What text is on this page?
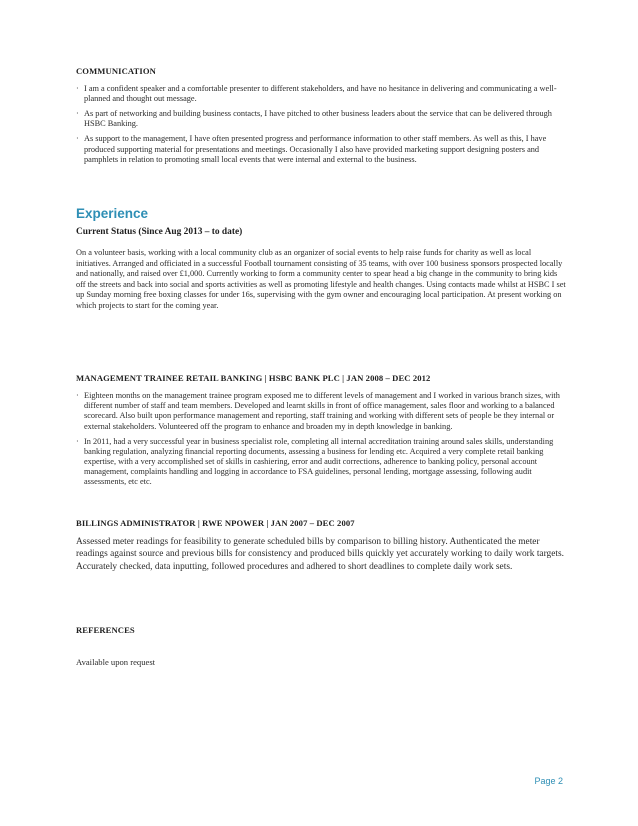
COMMUNICATION

· I am a confident speaker and a comfortable presenter to different stakeholders, and have no hesitance in delivering and communicating a well-planned and thought out message.
· As part of networking and building business contacts, I have pitched to other business leaders about the service that can be delivered through HSBC Banking.
· As support to the management, I have often presented progress and performance information to other staff members. As well as this, I have produced supporting material for presentations and meetings. Occasionally I also have provided marketing support designing posters and pamphlets in relation to promoting small local events that were internal and external to the business.

Experience

Current Status (Since Aug 2013 – to date)

On a volunteer basis, working with a local community club as an organizer of social events to help raise funds for charity as well as local initiatives. Arranged and officiated in a successful Football tournament consisting of 35 teams, with over 100 business sponsors prospected locally and nationally, and raised over £1,000. Currently working to form a community center to spear head a big change in the community to bring kids off the streets and back into social and sports activities as well as promoting lifestyle and health changes. Using contacts made whilst at HSBC I set up Sunday morning free boxing classes for under 16s, supervising with the gym owner and encouraging local participation. At present working on which projects to start for the coming year.

MANAGEMENT TRAINEE RETAIL BANKING | HSBC BANK PLC | JAN 2008 – DEC 2012

· Eighteen months on the management trainee program exposed me to different levels of management and I worked in various branch sizes, with different number of staff and team members. Developed and learnt skills in front of office management, sales floor and working to a balanced scorecard. Also built upon performance management and reporting, staff training and working with different sets of people be they internal or external stakeholders. Volunteered off the program to enhance and broaden my in depth knowledge in banking.
· In 2011, had a very successful year in business specialist role, completing all internal accreditation training around sales skills, understanding banking regulation, analyzing financial reporting documents, assessing a business for lending etc. Acquired a very complete retail banking expertise, with a very accomplished set of skills in cashiering, error and audit corrections, adherence to banking policy, personal account management, complaints handling and logging in accordance to FSA guidelines, personal lending, mortgage assessing, following audit assessments, etc etc.

BILLINGS ADMINISTRATOR | RWE NPOWER | JAN 2007 – DEC 2007

Assessed meter readings for feasibility to generate scheduled bills by comparison to billing history. Authenticated the meter readings against source and previous bills for consistency and produced bills quickly yet accurately working to daily work targets. Accurately checked, data inputting, followed procedures and adhered to short deadlines to complete daily work sets.

REFERENCES

Available upon request

Page 2
